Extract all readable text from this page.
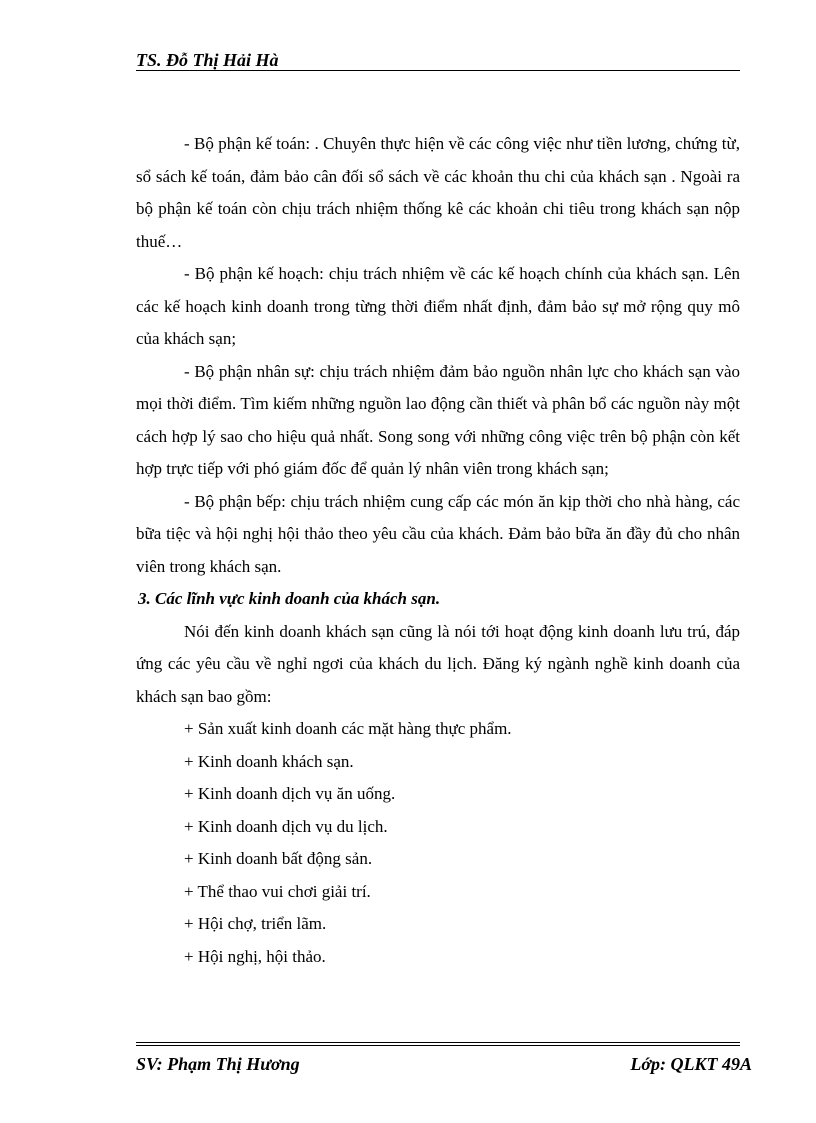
TS. Đỗ Thị Hải Hà

- Bộ phận kế toán: . Chuyên thực hiện về các công việc như tiền lương, chứng từ, sổ sách kế toán, đảm bảo cân đối sổ sách về các khoản thu chi của khách sạn . Ngoài ra bộ phận kế toán còn chịu trách nhiệm thống kê các khoản chi tiêu trong khách sạn nộp thuế…

- Bộ phận kế hoạch: chịu trách nhiệm về các kế hoạch chính của khách sạn. Lên các kế hoạch kinh doanh trong từng thời điểm nhất định, đảm bảo sự mở rộng quy mô của khách sạn;

- Bộ phận nhân sự: chịu trách nhiệm đảm bảo nguồn nhân lực cho khách sạn vào mọi thời điểm. Tìm kiếm những nguồn lao động cần thiết và phân bổ các nguồn này một cách hợp lý sao cho hiệu quả nhất. Song song với những công việc trên bộ phận còn kết hợp trực tiếp với phó giám đốc để quản lý nhân viên trong khách sạn;

- Bộ phận bếp: chịu trách nhiệm cung cấp các món ăn kịp thời cho nhà hàng, các bữa tiệc và hội nghị hội thảo theo yêu cầu của khách. Đảm bảo bữa ăn đầy đủ cho nhân viên trong khách sạn.

3. Các lĩnh vực kinh doanh của khách sạn.

Nói đến kinh doanh khách sạn cũng là nói tới hoạt động kinh doanh lưu trú, đáp ứng các yêu cầu về nghỉ ngơi của khách du lịch. Đăng ký ngành nghề kinh doanh của khách sạn bao gồm:

+ Sản xuất kinh doanh các mặt hàng thực phẩm.
+ Kinh doanh khách sạn.
+ Kinh doanh dịch vụ ăn uống.
+ Kinh doanh dịch vụ du lịch.
+ Kinh doanh bất động sản.
+ Thể thao vui chơi giải trí.
+ Hội chợ, triển lãm.
+ Hội nghị, hội thảo.
SV: Phạm Thị Hương	Lớp: QLKT 49A
